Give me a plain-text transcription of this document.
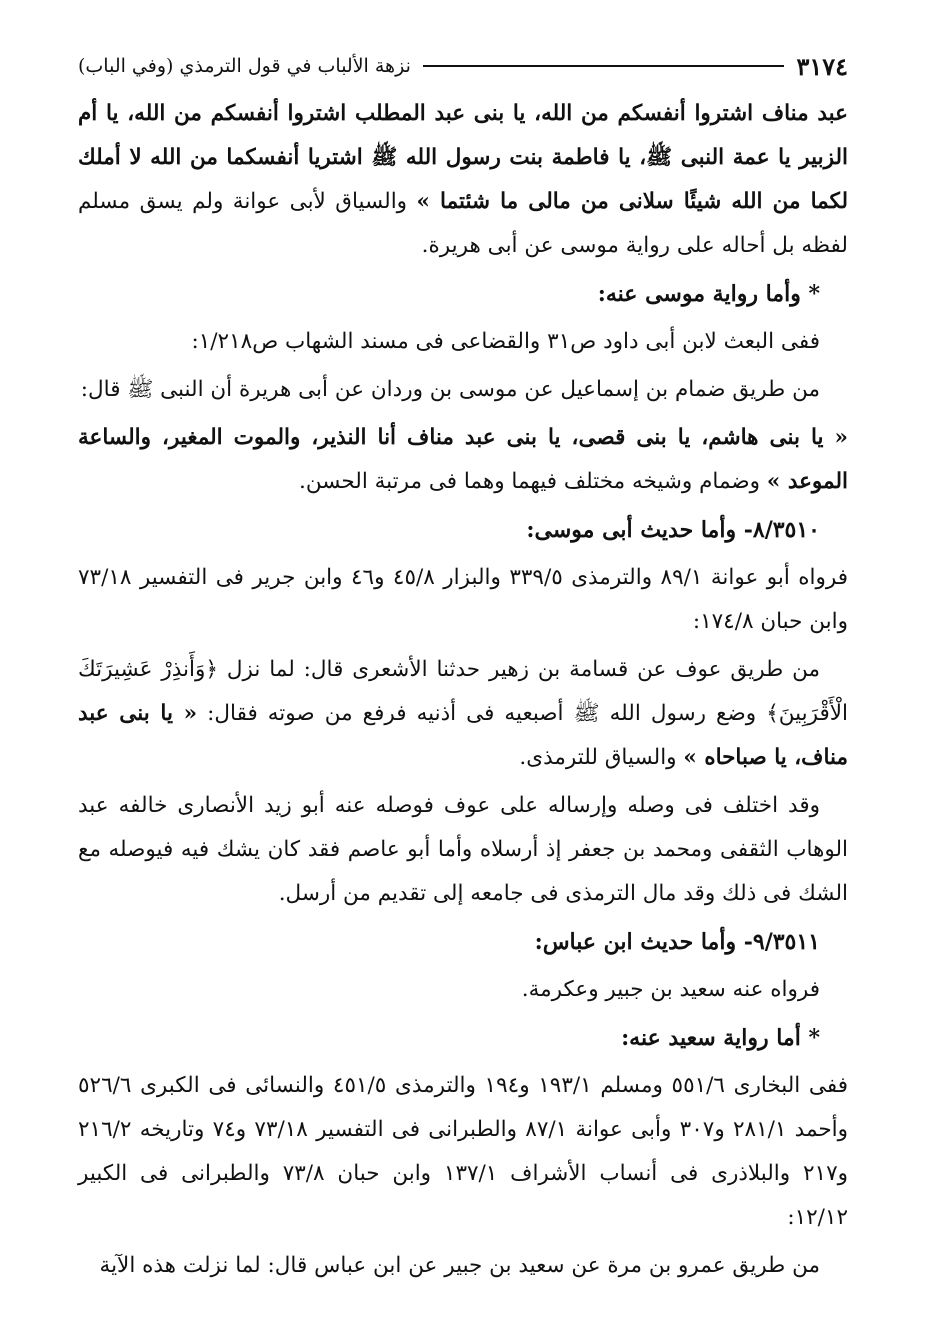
٣١٧٤
نزهة الألباب في قول الترمذي (وفي الباب)

عبد مناف اشتروا أنفسكم من الله، يا بنى عبد المطلب اشتروا أنفسكم من الله، يا أم الزبير يا عمة النبى ﷺ، يا فاطمة بنت رسول الله ﷺ اشتريا أنفسكما من الله لا أملك لكما من الله شيئًا سلانى من مالى ما شئتما » والسياق لأبى عوانة ولم يسق مسلم لفظه بل أحاله على رواية موسى عن أبى هريرة.

* وأما رواية موسى عنه:

ففى البعث لابن أبى داود ص٣١ والقضاعى فى مسند الشهاب ص١/٢١٨:

من طريق ضمام بن إسماعيل عن موسى بن وردان عن أبى هريرة أن النبى ﷺ قال:

« يا بنى هاشم، يا بنى قصى، يا بنى عبد مناف أنا النذير، والموت المغير، والساعة الموعد » وضمام وشيخه مختلف فيهما وهما فى مرتبة الحسن.

٨/٣٥١٠- وأما حديث أبى موسى:

فرواه أبو عوانة ٨٩/١ والترمذى ٣٣٩/٥ والبزار ٤٥/٨ و٤٦ وابن جرير فى التفسير ٧٣/١٨ وابن حبان ١٧٤/٨:

من طريق عوف عن قسامة بن زهير حدثنا الأشعرى قال: لما نزل ﴿وَأَنذِرْ عَشِيرَتَكَ الْأَقْرَبِينَ﴾ وضع رسول الله ﷺ أصبعيه فى أذنيه فرفع من صوته فقال: « يا بنى عبد مناف، يا صباحاه » والسياق للترمذى.

وقد اختلف فى وصله وإرساله على عوف فوصله عنه أبو زيد الأنصارى خالفه عبد الوهاب الثقفى ومحمد بن جعفر إذ أرسلاه وأما أبو عاصم فقد كان يشك فيه فيوصله مع الشك فى ذلك وقد مال الترمذى فى جامعه إلى تقديم من أرسل.

٩/٣٥١١- وأما حديث ابن عباس:

فرواه عنه سعيد بن جبير وعكرمة.

* أما رواية سعيد عنه:

ففى البخارى ٥٥١/٦ ومسلم ١٩٣/١ و١٩٤ والترمذى ٤٥١/٥ والنسائى فى الكبرى ٥٢٦/٦ وأحمد ٢٨١/١ و٣٠٧ وأبى عوانة ٨٧/١ والطبرانى فى التفسير ٧٣/١٨ و٧٤ وتاريخه ٢١٦/٢ و٢١٧ والبلاذرى فى أنساب الأشراف ١٣٧/١ وابن حبان ٧٣/٨ والطبرانى فى الكبير ١٢/١٢:

من طريق عمرو بن مرة عن سعيد بن جبير عن ابن عباس قال: لما نزلت هذه الآية
